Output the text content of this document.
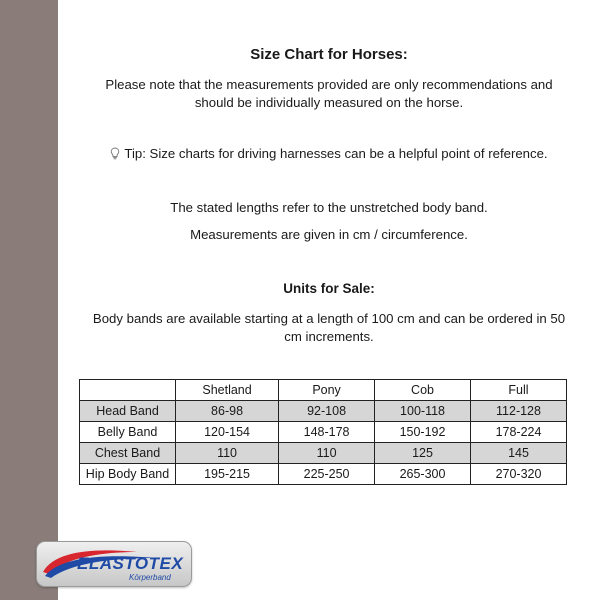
Size Chart for Horses:
Please note that the measurements provided are only recommendations and
should be individually measured on the horse.
Tip: Size charts for driving harnesses can be a helpful point of reference.
The stated lengths refer to the unstretched body band.
Measurements are given in cm / circumference.
Units for Sale:
Body bands are available starting at a length of 100 cm and can be ordered in 50
cm increments.
	Shetland	Pony	Cob	Full
Head Band	86-98	92-108	100-118	112-128
Belly Band	120-154	148-178	150-192	178-224
Chest Band	110	110	125	145
Hip Body Band	195-215	225-250	265-300	270-320
ELASTOTEX
Körperband
